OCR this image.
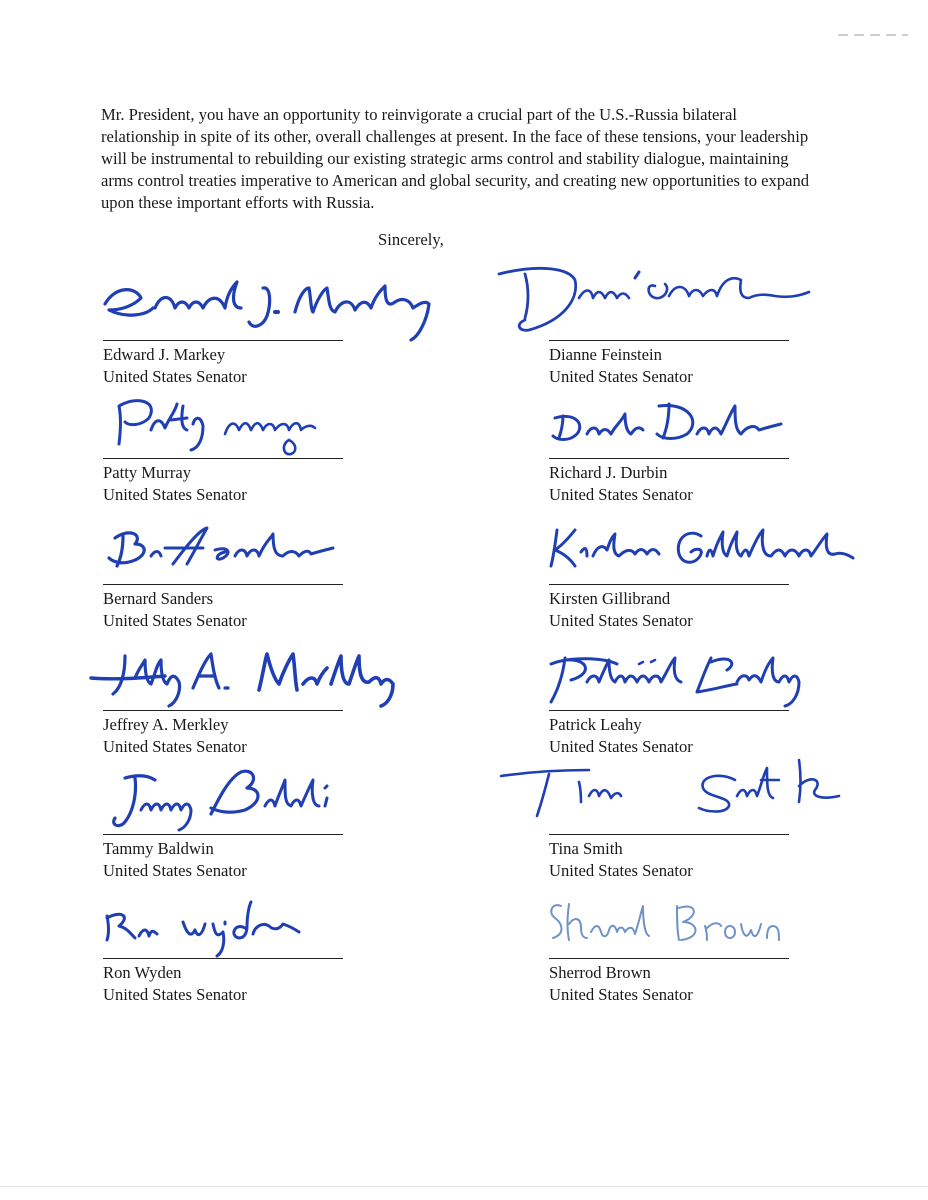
Mr. President, you have an opportunity to reinvigorate a crucial part of the U.S.-Russia bilateral relationship in spite of its other, overall challenges at present. In the face of these tensions, your leadership will be instrumental to rebuilding our existing strategic arms control and stability dialogue, maintaining arms control treaties imperative to American and global security, and creating new opportunities to expand upon these important efforts with Russia.

Sincerely,

Edward J. Markey
United States Senator
Dianne Feinstein
United States Senator
Patty Murray
United States Senator
Richard J. Durbin
United States Senator
Bernard Sanders
United States Senator
Kirsten Gillibrand
United States Senator
Jeffrey A. Merkley
United States Senator
Patrick Leahy
United States Senator
Tammy Baldwin
United States Senator
Tina Smith
United States Senator
Ron Wyden
United States Senator
Sherrod Brown
United States Senator
